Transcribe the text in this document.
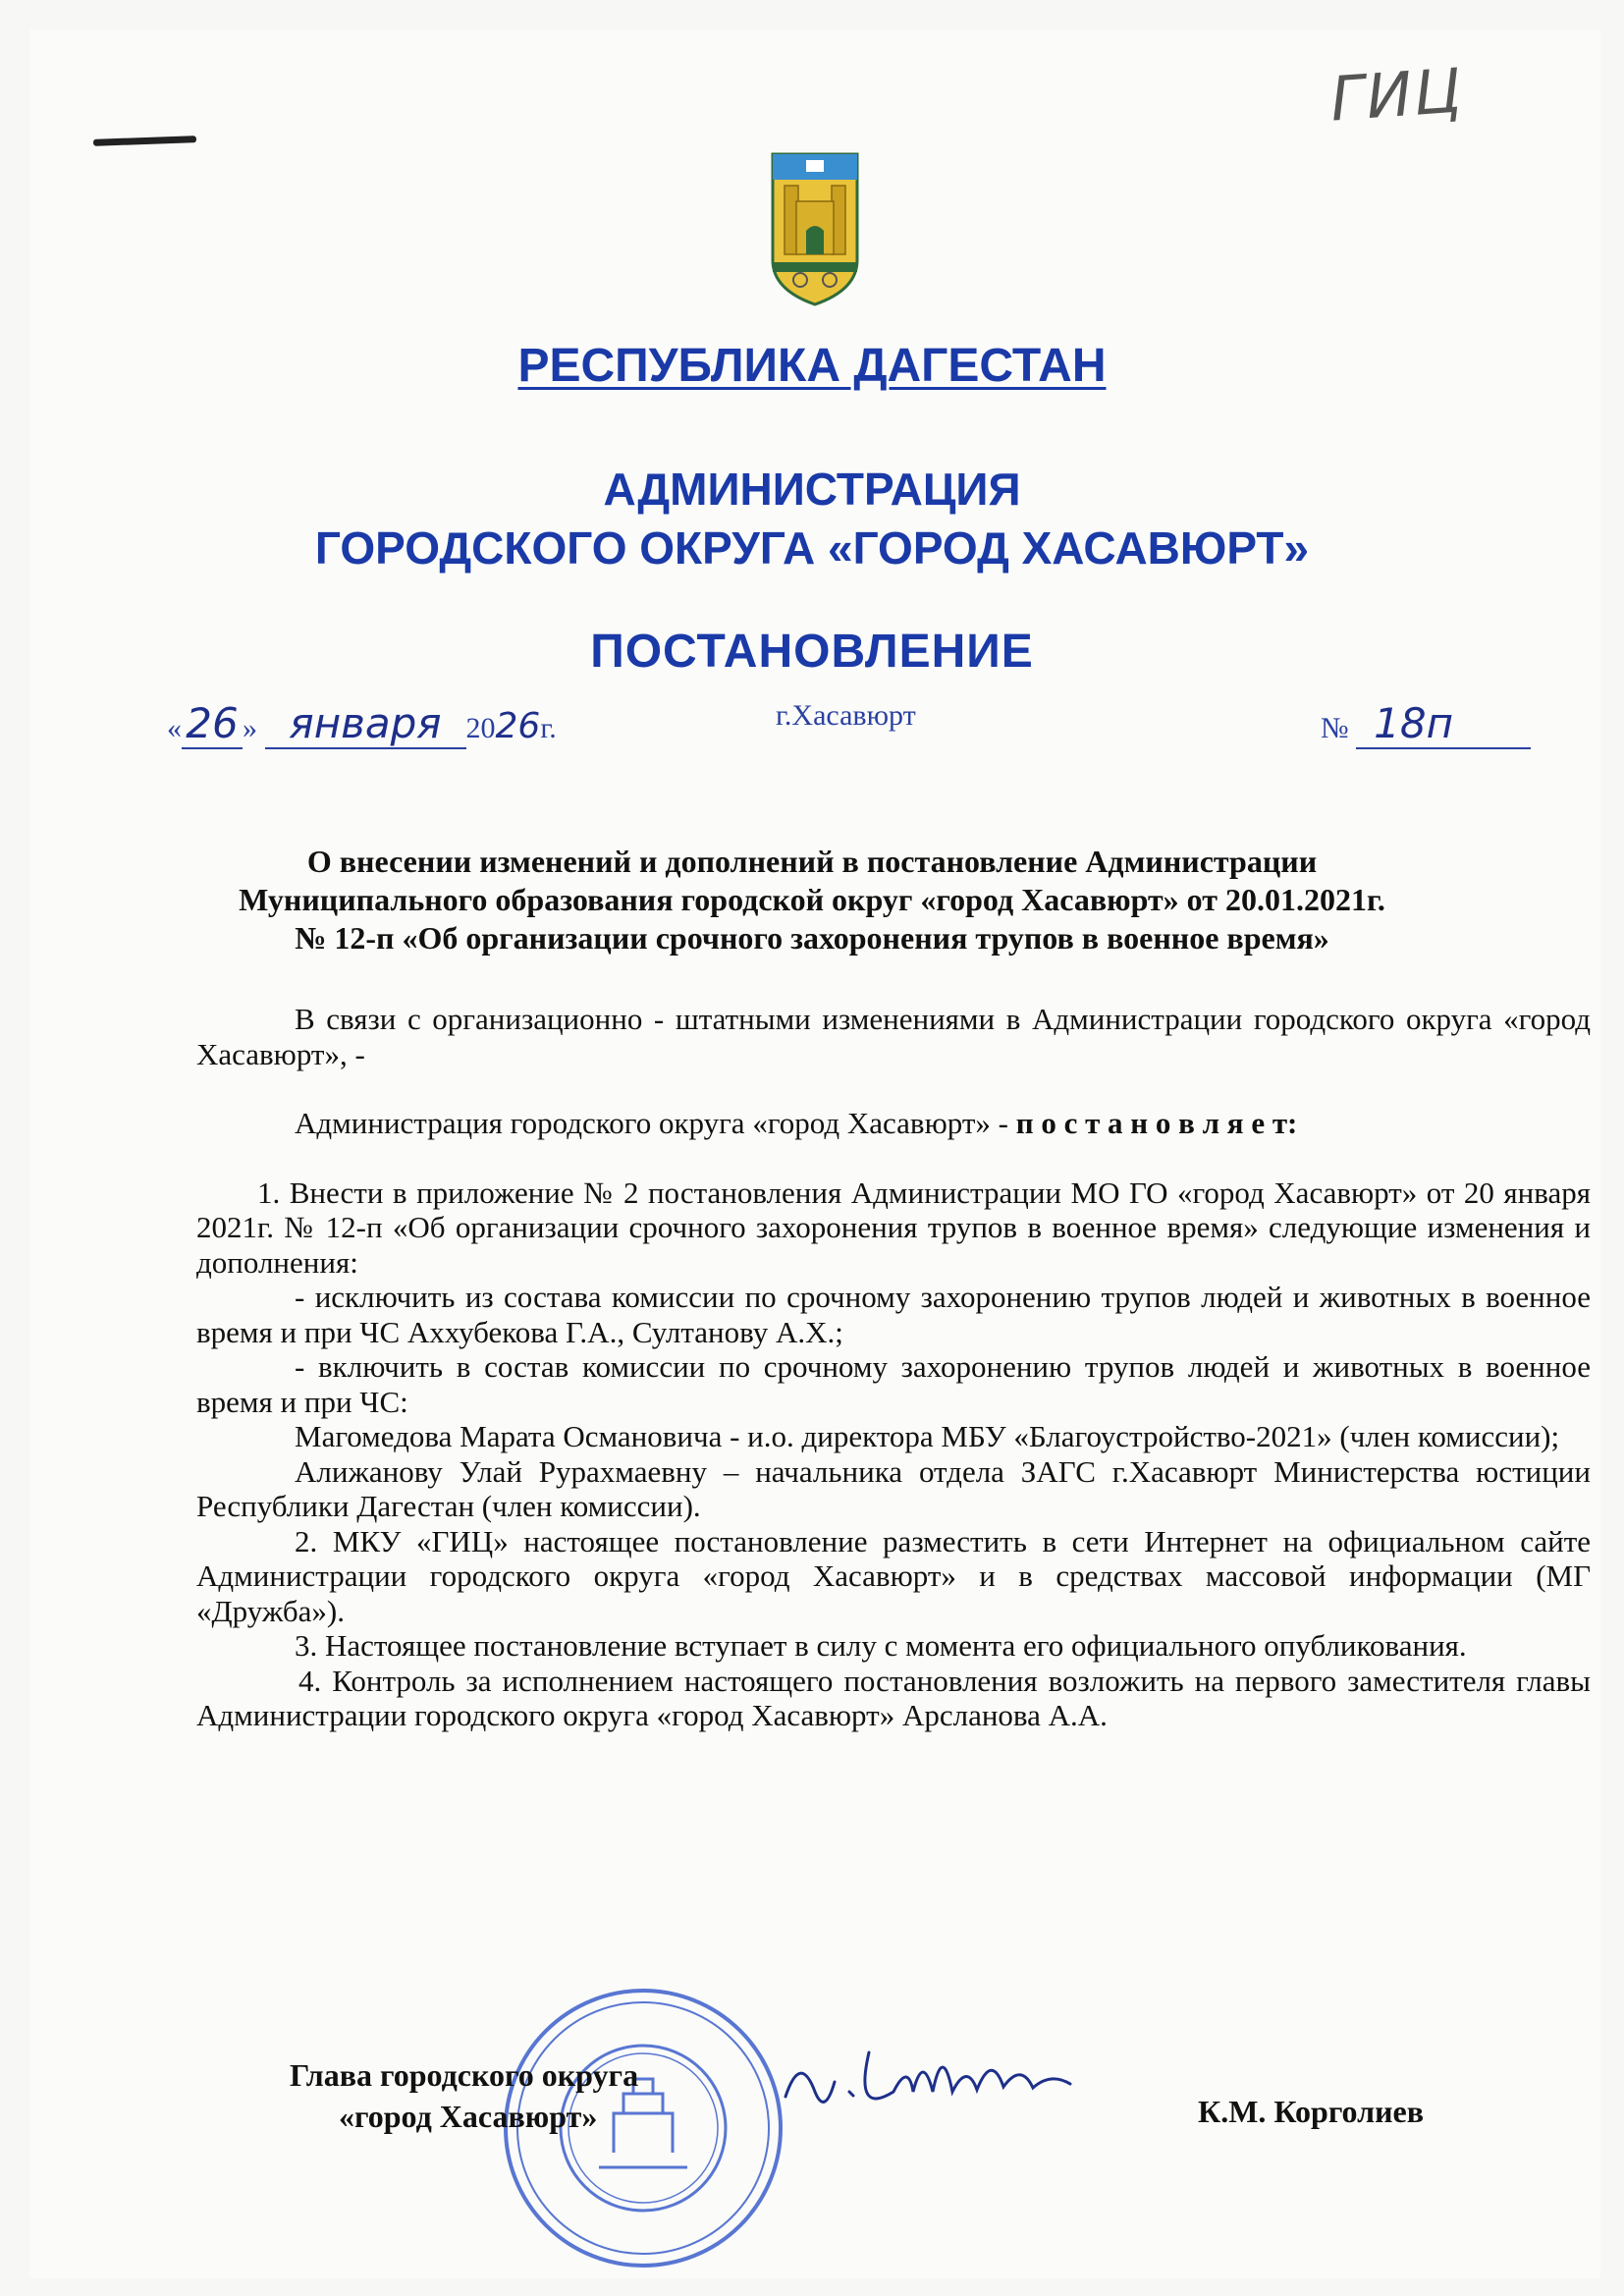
ГИЦ
РЕСПУБЛИКА ДАГЕСТАН
АДМИНИСТРАЦИЯ
ГОРОДСКОГО ОКРУГА «ГОРОД ХАСАВЮРТ»
ПОСТАНОВЛЕНИЕ
« 26 » января 2026г.	г.Хасавюрт	№ 18п
О внесении изменений и дополнений в постановление Администрации
Муниципального образования городской округ «город Хасавюрт» от 20.01.2021г.
№ 12-п «Об организации срочного захоронения трупов в военное время»

В связи с организационно - штатными изменениями в Администрации городского округа «город Хасавюрт», -

Администрация городского округа «город Хасавюрт» - п о с т а н о в л я е т:

1. Внести в приложение № 2 постановления Администрации МО ГО «город Хасавюрт» от 20 января 2021г. № 12-п «Об организации срочного захоронения трупов в военное время» следующие изменения и дополнения:

- исключить из состава комиссии по срочному захоронению трупов людей и животных в военное время и при ЧС Аххубекова Г.А., Султанову А.Х.;

- включить в состав комиссии по срочному захоронению трупов людей и животных в военное время и при ЧС:

Магомедова Марата Османовича - и.о. директора МБУ «Благоустройство-2021» (член комиссии);

Алижанову Улай Рурахмаевну – начальника отдела ЗАГС г.Хасавюрт Министерства юстиции Республики Дагестан (член комиссии).

2. МКУ «ГИЦ» настоящее постановление разместить в сети Интернет на официальном сайте Администрации городского округа «город Хасавюрт» и в средствах массовой информации (МГ «Дружба»).

3. Настоящее постановление вступает в силу с момента его официального опубликования.

4. Контроль за исполнением настоящего постановления возложить на первого заместителя главы Администрации городского округа «город Хасавюрт» Арсланова А.А.

Глава городского округа
«город Хасавюрт»	К.М. Корголиев
